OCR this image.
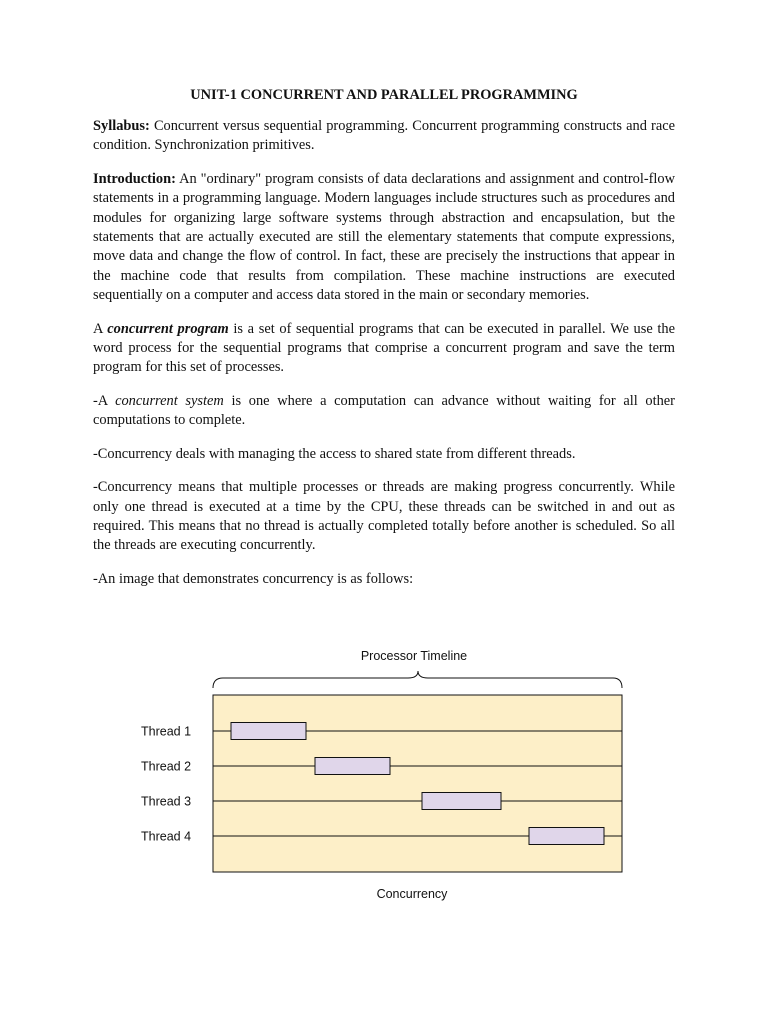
UNIT-1 CONCURRENT AND PARALLEL PROGRAMMING

Syllabus: Concurrent versus sequential programming. Concurrent programming constructs and race condition. Synchronization primitives.

Introduction: An "ordinary" program consists of data declarations and assignment and control-flow statements in a programming language. Modern languages include structures such as procedures and modules for organizing large software systems through abstraction and encapsulation, but the statements that are actually executed are still the elementary statements that compute expressions, move data and change the flow of control. In fact, these are precisely the instructions that appear in the machine code that results from compilation. These machine instructions are executed sequentially on a computer and access data stored in the main or secondary memories.

A concurrent program is a set of sequential programs that can be executed in parallel. We use the word process for the sequential programs that comprise a concurrent program and save the term program for this set of processes.

-A concurrent system is one where a computation can advance without waiting for all other computations to complete.

-Concurrency deals with managing the access to shared state from different threads.

-Concurrency means that multiple processes or threads are making progress concurrently. While only one thread is executed at a time by the CPU, these threads can be switched in and out as required. This means that no thread is actually completed totally before another is scheduled. So all the threads are executing concurrently.

-An image that demonstrates concurrency is as follows:

Processor Timeline
Thread 1
Thread 2
Thread 3
Thread 4
Concurrency
